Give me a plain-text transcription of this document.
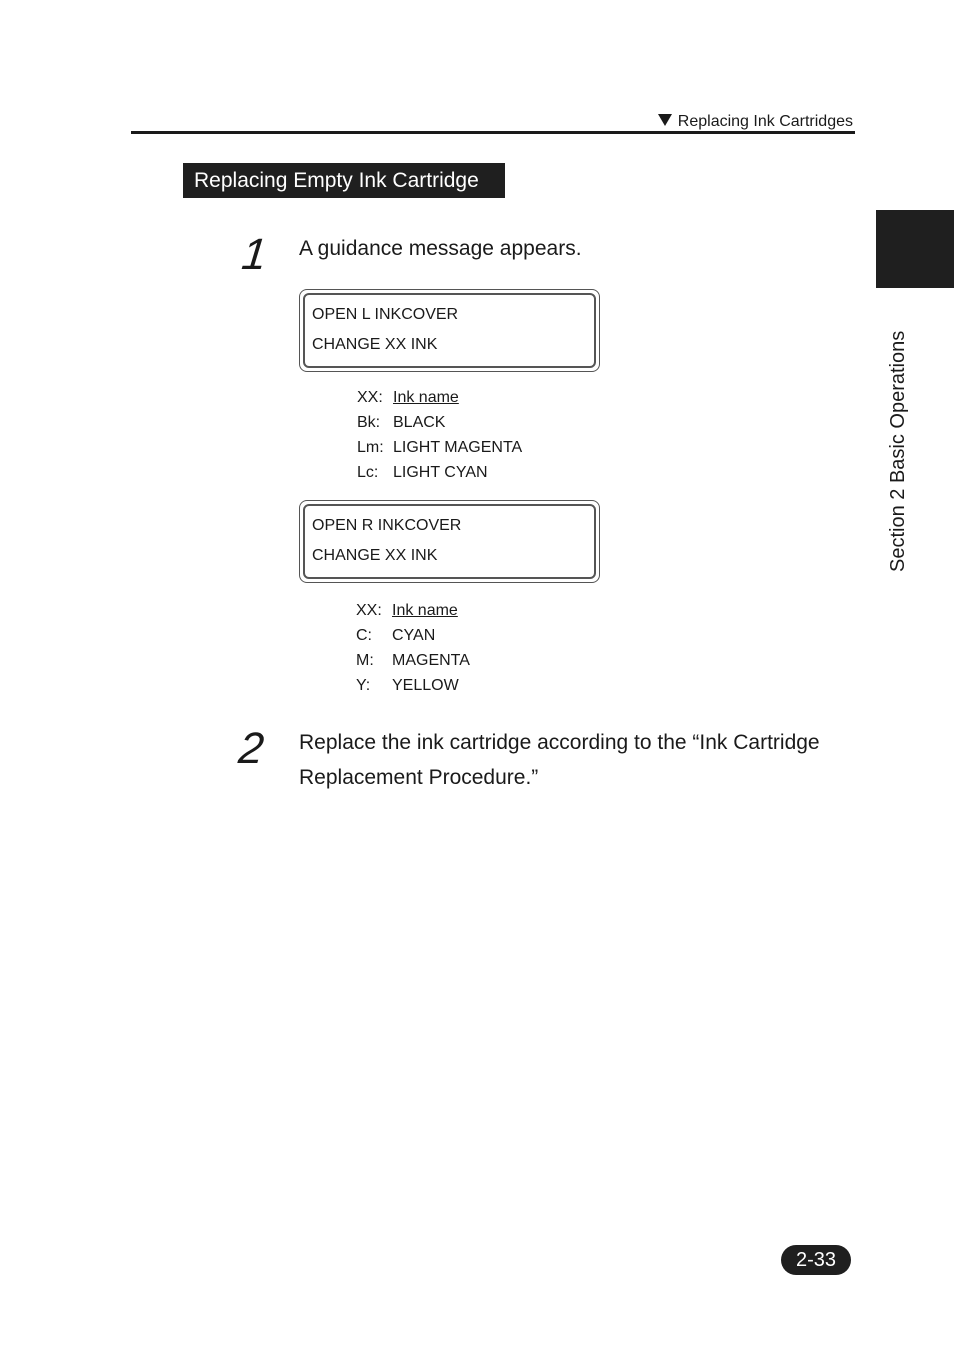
Replacing Ink Cartridges
Section 2 Basic Operations
Replacing Empty Ink Cartridge
1 A guidance message appears.
OPEN L INKCOVER
CHANGE XX INK
XX: Ink name
Bk: BLACK
Lm: LIGHT MAGENTA
Lc: LIGHT CYAN
OPEN R INKCOVER
CHANGE XX INK
XX: Ink name
C: CYAN
M: MAGENTA
Y: YELLOW
2 Replace the ink cartridge according to the “Ink Cartridge
Replacement Procedure.”
2-33
